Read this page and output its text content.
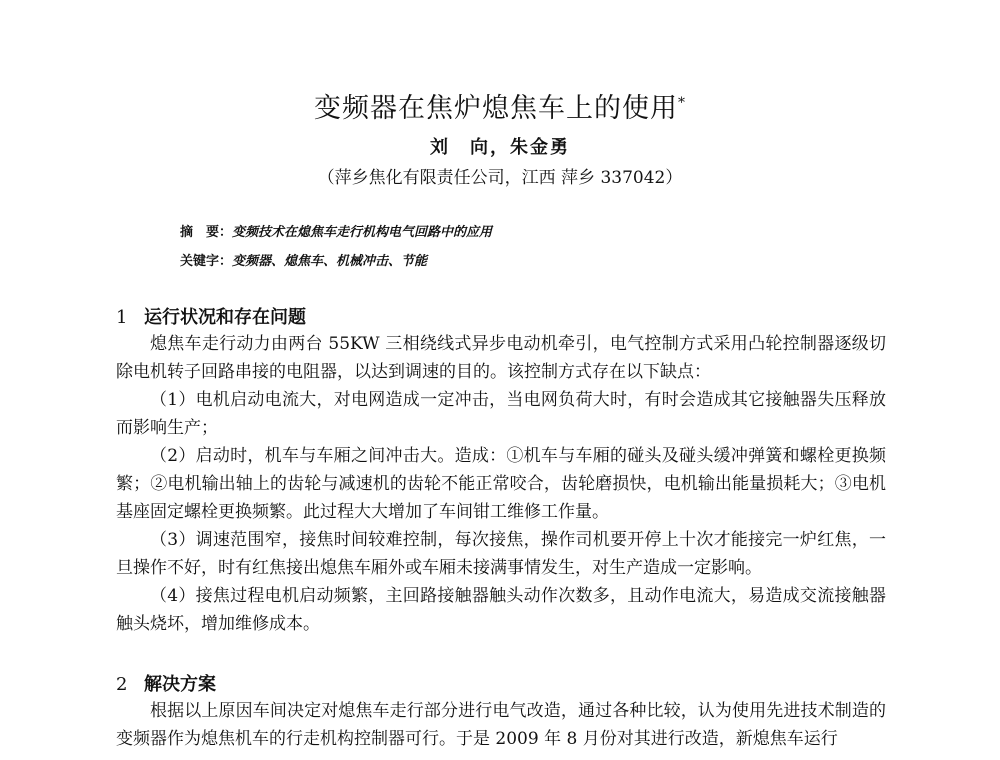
变频器在焦炉熄焦车上的使用*
刘　向，朱金勇
（萍乡焦化有限责任公司，江西 萍乡 337042）
摘　要：变频技术在熄焦车走行机构电气回路中的应用
关键字：变频器、熄焦车、机械冲击、节能
1 运行状况和存在问题
熄焦车走行动力由两台 55KW 三相绕线式异步电动机牵引，电气控制方式采用凸轮控制器逐级切除电机转子回路串接的电阻器，以达到调速的目的。该控制方式存在以下缺点：
（1）电机启动电流大，对电网造成一定冲击，当电网负荷大时，有时会造成其它接触器失压释放而影响生产；
（2）启动时，机车与车厢之间冲击大。造成：①机车与车厢的碰头及碰头缓冲弹簧和螺栓更换频繁；②电机输出轴上的齿轮与减速机的齿轮不能正常咬合，齿轮磨损快，电机输出能量损耗大；③电机基座固定螺栓更换频繁。此过程大大增加了车间钳工维修工作量。
（3）调速范围窄，接焦时间较难控制，每次接焦，操作司机要开停上十次才能接完一炉红焦，一旦操作不好，时有红焦接出熄焦车厢外或车厢未接满事情发生，对生产造成一定影响。
（4）接焦过程电机启动频繁，主回路接触器触头动作次数多，且动作电流大，易造成交流接触器触头烧坏，增加维修成本。
2 解决方案
根据以上原因车间决定对熄焦车走行部分进行电气改造，通过各种比较，认为使用先进技术制造的变频器作为熄焦机车的行走机构控制器可行。于是 2009 年 8 月份对其进行改造，新熄焦车运行
